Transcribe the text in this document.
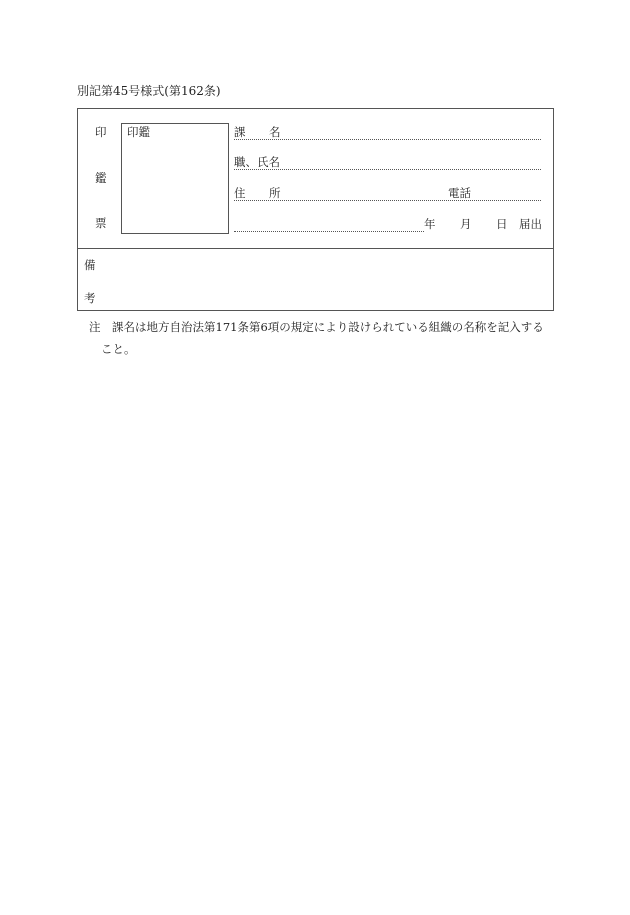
別記第45号様式(第162条)
印
鑑
票
印鑑	課 名
職、氏名
住 所	電話
年 月 日 届出
備
考
注　課名は地方自治法第171条第6項の規定により設けられている組織の名称を記入する
こと。
